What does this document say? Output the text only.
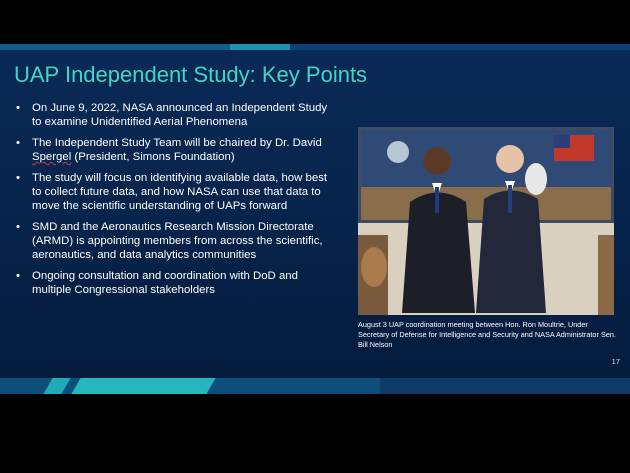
UAP Independent Study: Key Points
• On June 9, 2022, NASA announced an Independent Study to examine Unidentified Aerial Phenomena
• The Independent Study Team will be chaired by Dr. David Spergel (President, Simons Foundation)
• The study will focus on identifying available data, how best to collect future data, and how NASA can use that data to move the scientific understanding of UAPs forward
• SMD and the Aeronautics Research Mission Directorate (ARMD) is appointing members from across the scientific, aeronautics, and data analytics communities
• Ongoing consultation and coordination with DoD and multiple Congressional stakeholders
August 3 UAP coordination meeting between Hon. Ron Moultrie, Under Secretary of Defense for Intelligence and Security and NASA Administrator Sen. Bill Nelson
17
